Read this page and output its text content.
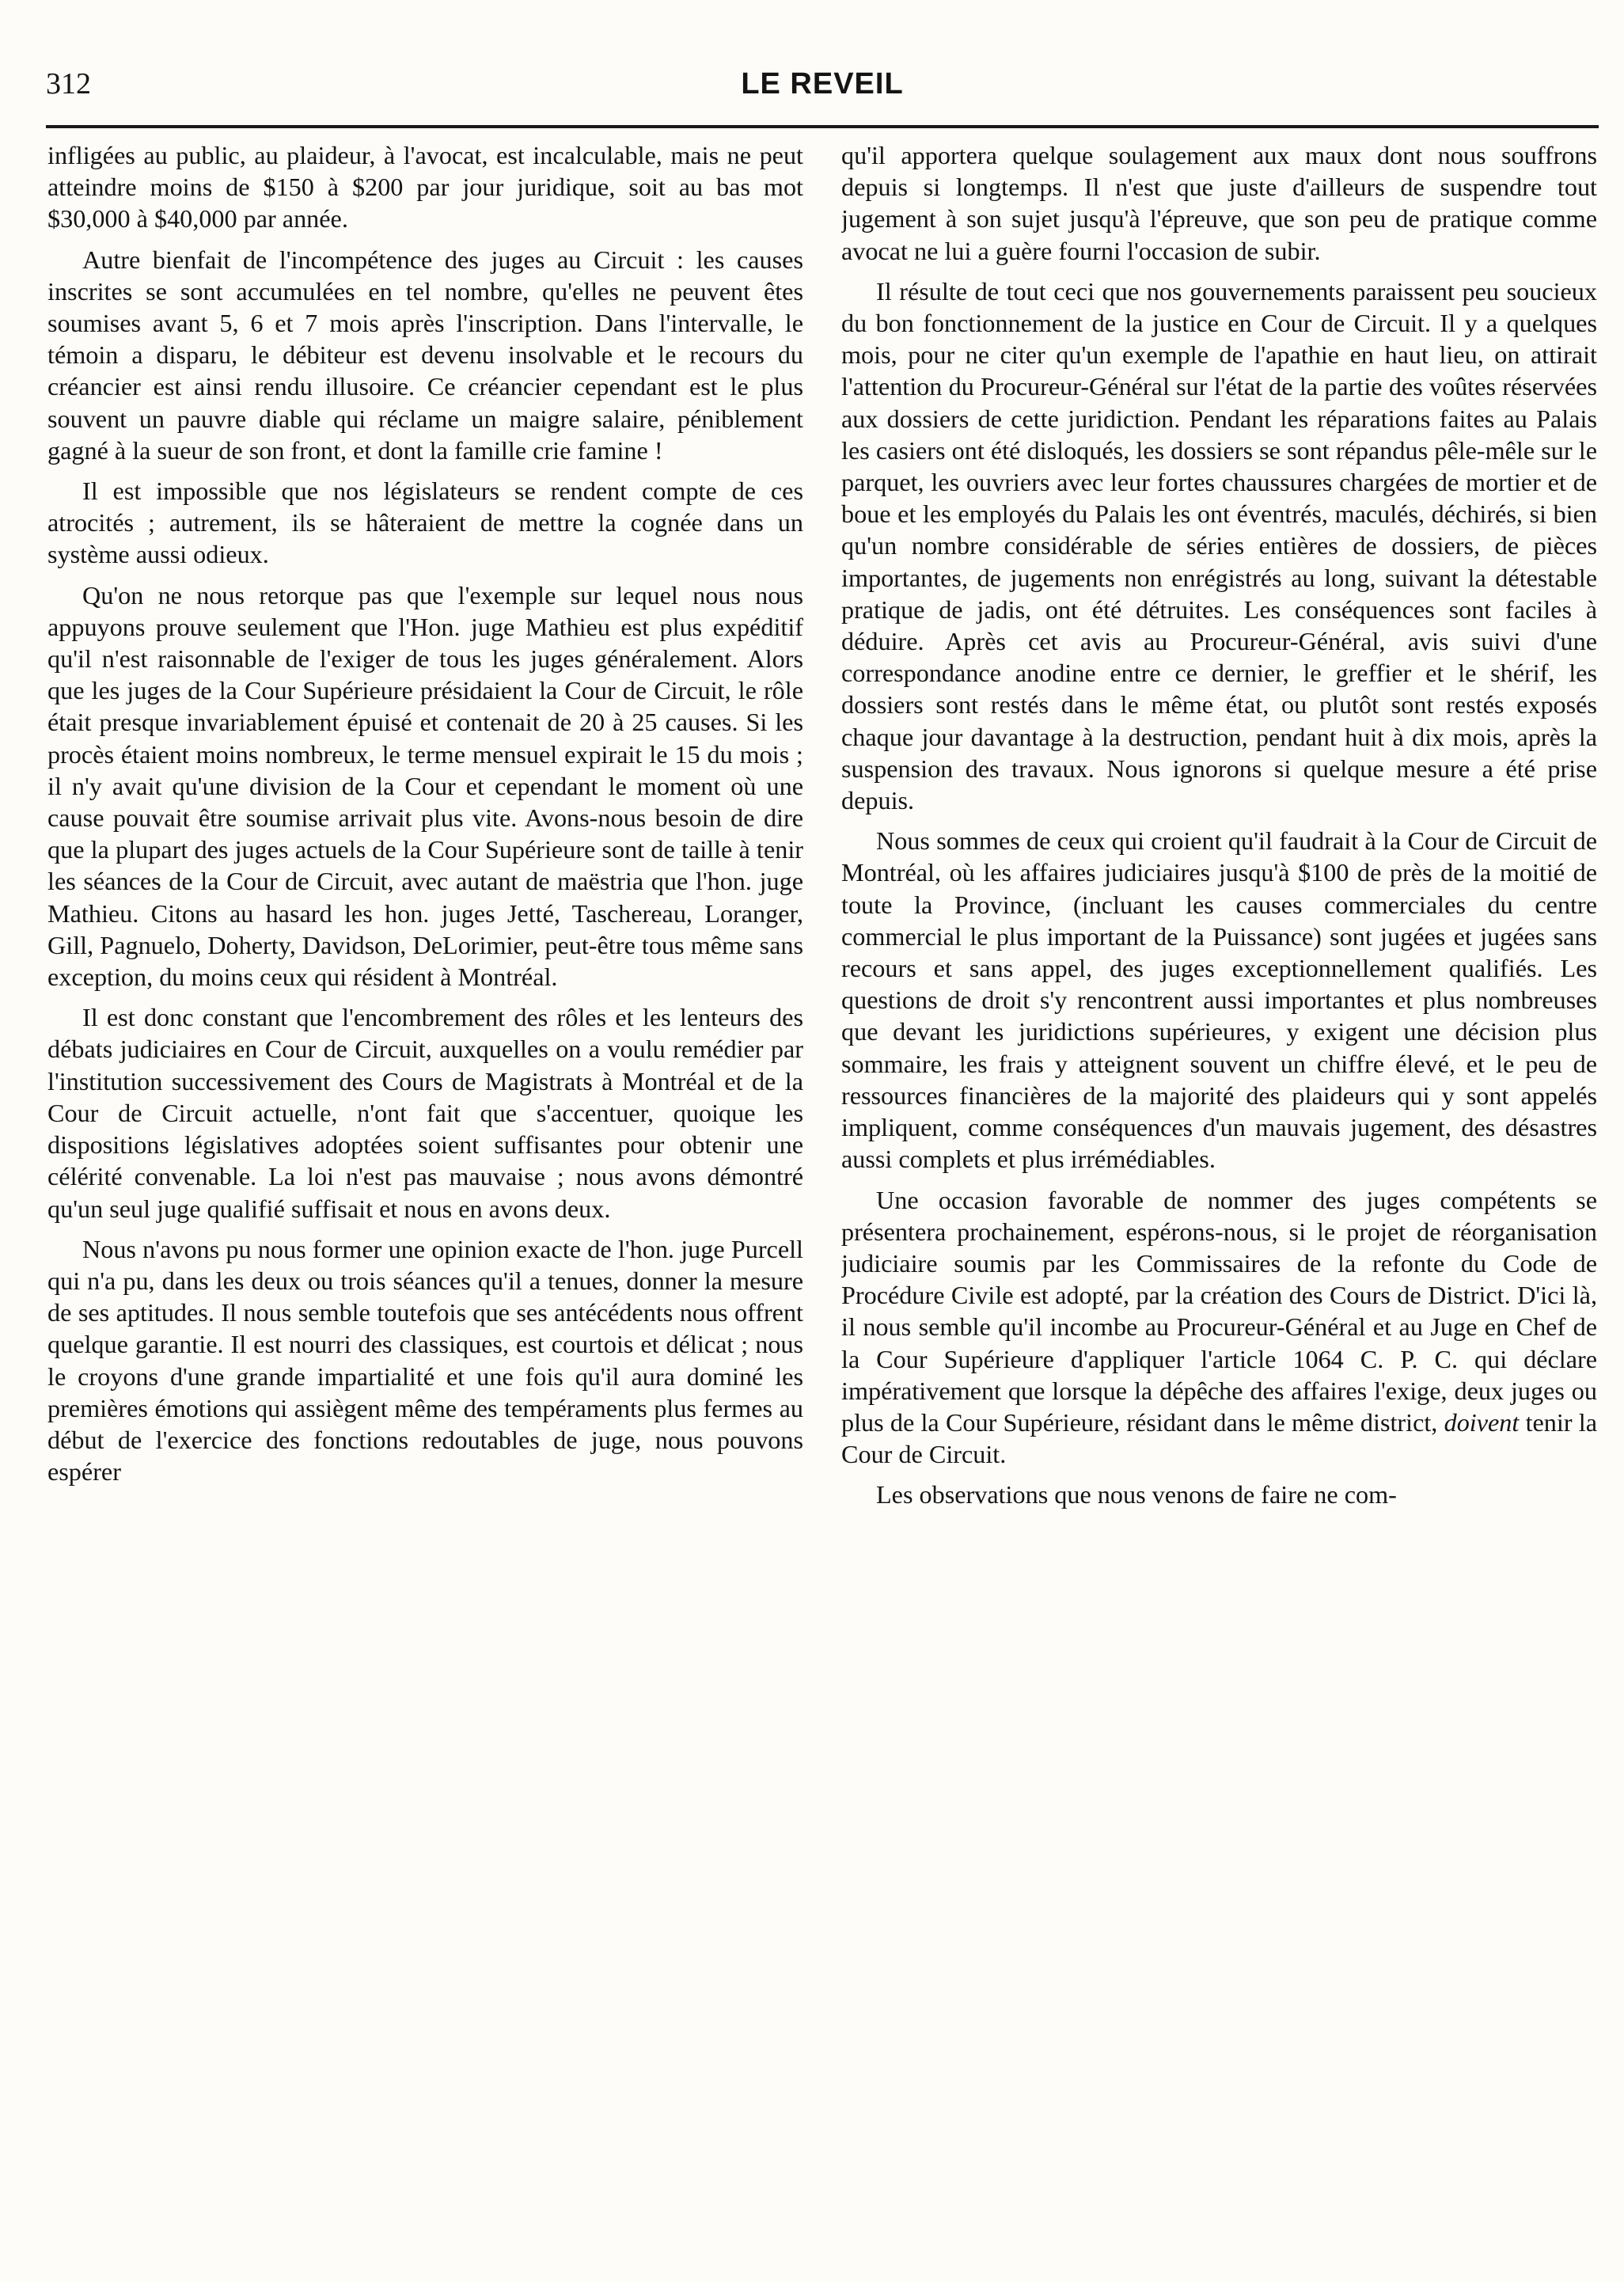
312	LE REVEIL

infligées au public, au plaideur, à l'avocat, est incalculable, mais ne peut atteindre moins de $150 à $200 par jour juridique, soit au bas mot $30,000 à $40,000 par année.

Autre bienfait de l'incompétence des juges au Circuit : les causes inscrites se sont accumulées en tel nombre, qu'elles ne peuvent êtes soumises avant 5, 6 et 7 mois après l'inscription. Dans l'intervalle, le témoin a disparu, le débiteur est devenu insolvable et le recours du créancier est ainsi rendu illusoire. Ce créancier cependant est le plus souvent un pauvre diable qui réclame un maigre salaire, péniblement gagné à la sueur de son front, et dont la famille crie famine !

Il est impossible que nos législateurs se rendent compte de ces atrocités ; autrement, ils se hâteraient de mettre la cognée dans un système aussi odieux.

Qu'on ne nous retorque pas que l'exemple sur lequel nous nous appuyons prouve seulement que l'Hon. juge Mathieu est plus expéditif qu'il n'est raisonnable de l'exiger de tous les juges généralement. Alors que les juges de la Cour Supérieure présidaient la Cour de Circuit, le rôle était presque invariablement épuisé et contenait de 20 à 25 causes. Si les procès étaient moins nombreux, le terme mensuel expirait le 15 du mois ; il n'y avait qu'une division de la Cour et cependant le moment où une cause pouvait être soumise arrivait plus vite. Avons-nous besoin de dire que la plupart des juges actuels de la Cour Supérieure sont de taille à tenir les séances de la Cour de Circuit, avec autant de maëstria que l'hon. juge Mathieu. Citons au hasard les hon. juges Jetté, Taschereau, Loranger, Gill, Pagnuelo, Doherty, Davidson, DeLorimier, peut-être tous même sans exception, du moins ceux qui résident à Montréal.

Il est donc constant que l'encombrement des rôles et les lenteurs des débats judiciaires en Cour de Circuit, auxquelles on a voulu remédier par l'institution successivement des Cours de Magistrats à Montréal et de la Cour de Circuit actuelle, n'ont fait que s'accentuer, quoique les dispositions législatives adoptées soient suffisantes pour obtenir une célérité convenable. La loi n'est pas mauvaise ; nous avons démontré qu'un seul juge qualifié suffisait et nous en avons deux.

Nous n'avons pu nous former une opinion exacte de l'hon. juge Purcell qui n'a pu, dans les deux ou trois séances qu'il a tenues, donner la mesure de ses aptitudes. Il nous semble toutefois que ses antécédents nous offrent quelque garantie. Il est nourri des classiques, est courtois et délicat ; nous le croyons d'une grande impartialité et une fois qu'il aura dominé les premières émotions qui assiègent même des tempéraments plus fermes au début de l'exercice des fonctions redoutables de juge, nous pouvons espérer

qu'il apportera quelque soulagement aux maux dont nous souffrons depuis si longtemps. Il n'est que juste d'ailleurs de suspendre tout jugement à son sujet jusqu'à l'épreuve, que son peu de pratique comme avocat ne lui a guère fourni l'occasion de subir.

Il résulte de tout ceci que nos gouvernements paraissent peu soucieux du bon fonctionnement de la justice en Cour de Circuit. Il y a quelques mois, pour ne citer qu'un exemple de l'apathie en haut lieu, on attirait l'attention du Procureur-Général sur l'état de la partie des voûtes réservées aux dossiers de cette juridiction. Pendant les réparations faites au Palais les casiers ont été disloqués, les dossiers se sont répandus pêle-mêle sur le parquet, les ouvriers avec leur fortes chaussures chargées de mortier et de boue et les employés du Palais les ont éventrés, maculés, déchirés, si bien qu'un nombre considérable de séries entières de dossiers, de pièces importantes, de jugements non enrégistrés au long, suivant la détestable pratique de jadis, ont été détruites. Les conséquences sont faciles à déduire. Après cet avis au Procureur-Général, avis suivi d'une correspondance anodine entre ce dernier, le greffier et le shérif, les dossiers sont restés dans le même état, ou plutôt sont restés exposés chaque jour davantage à la destruction, pendant huit à dix mois, après la suspension des travaux. Nous ignorons si quelque mesure a été prise depuis.

Nous sommes de ceux qui croient qu'il faudrait à la Cour de Circuit de Montréal, où les affaires judiciaires jusqu'à $100 de près de la moitié de toute la Province, (incluant les causes commerciales du centre commercial le plus important de la Puissance) sont jugées et jugées sans recours et sans appel, des juges exceptionnellement qualifiés. Les questions de droit s'y rencontrent aussi importantes et plus nombreuses que devant les juridictions supérieures, y exigent une décision plus sommaire, les frais y atteignent souvent un chiffre élevé, et le peu de ressources financières de la majorité des plaideurs qui y sont appelés impliquent, comme conséquences d'un mauvais jugement, des désastres aussi complets et plus irrémédiables.

Une occasion favorable de nommer des juges compétents se présentera prochainement, espérons-nous, si le projet de réorganisation judiciaire soumis par les Commissaires de la refonte du Code de Procédure Civile est adopté, par la création des Cours de District. D'ici là, il nous semble qu'il incombe au Procureur-Général et au Juge en Chef de la Cour Supérieure d'appliquer l'article 1064 C. P. C. qui déclare impérativement que lorsque la dépêche des affaires l'exige, deux juges ou plus de la Cour Supérieure, résidant dans le même district, doivent tenir la Cour de Circuit.

Les observations que nous venons de faire ne com-
